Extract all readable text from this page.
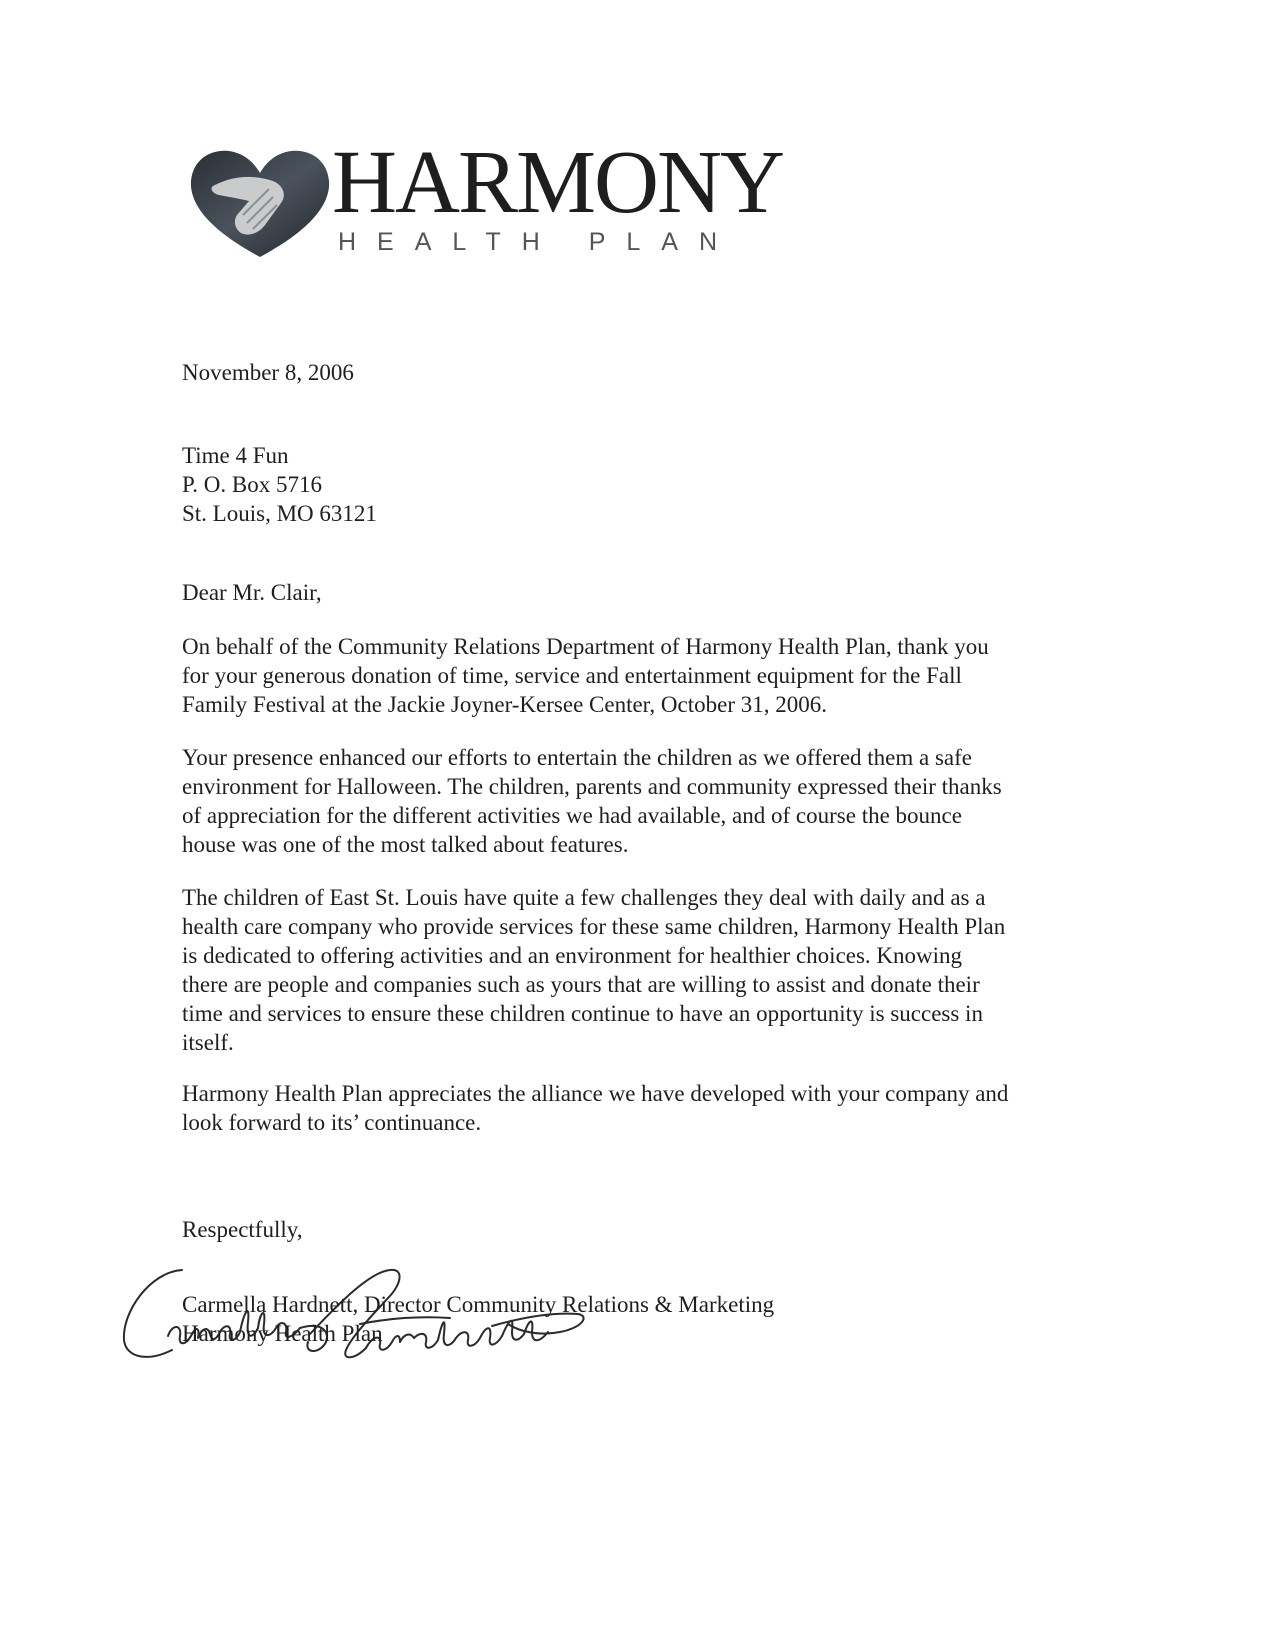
HARMONY
HEALTH PLAN
November 8, 2006
Time 4 Fun
P. O. Box 5716
St. Louis, MO 63121
Dear Mr. Clair,
On behalf of the Community Relations Department of Harmony Health Plan, thank you
for your generous donation of time, service and entertainment equipment for the Fall
Family Festival at the Jackie Joyner-Kersee Center, October 31, 2006.
Your presence enhanced our efforts to entertain the children as we offered them a safe
environment for Halloween. The children, parents and community expressed their thanks
of appreciation for the different activities we had available, and of course the bounce
house was one of the most talked about features.
The children of East St. Louis have quite a few challenges they deal with daily and as a
health care company who provide services for these same children, Harmony Health Plan
is dedicated to offering activities and an environment for healthier choices. Knowing
there are people and companies such as yours that are willing to assist and donate their
time and services to ensure these children continue to have an opportunity is success in
itself.
Harmony Health Plan appreciates the alliance we have developed with your company and
look forward to its’ continuance.
Respectfully,
Carmella Hardnett, Director Community Relations & Marketing
Harmony Health Plan
